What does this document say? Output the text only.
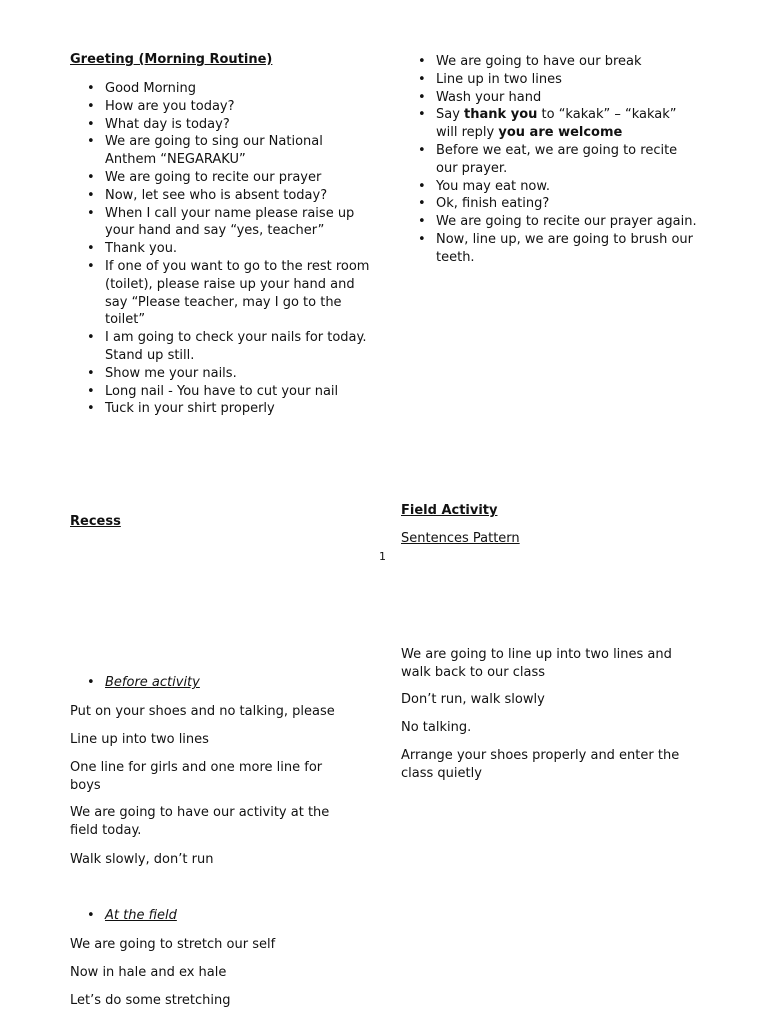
Greeting (Morning Routine)
• Good Morning
• How are you today?
• What day is today?
• We are going to sing our National Anthem “NEGARAKU”
• We are going to recite our prayer
• Now, let see who is absent today?
• When I call your name please raise up your hand and say “yes, teacher”
• Thank you.
• If one of you want to go to the rest room (toilet), please raise up your hand and say “Please teacher, may I go to the toilet”
• I am going to check your nails for today. Stand up still.
• Show me your nails.
• Long nail - You have to cut your nail
• Tuck in your shirt properly
Recess
• Before activity
Put on your shoes and no talking, please
Line up into two lines
One line for girls and one more line for boys
We are going to have our activity at the field today.
Walk slowly, don’t run
• At the field
We are going to stretch our self
Now in hale and ex hale
Let’s do some stretching
• We are going to have our break
• Line up in two lines
• Wash your hand
• Say thank you to “kakak” – “kakak” will reply you are welcome
• Before we eat, we are going to recite our prayer.
• You may eat now.
• Ok, finish eating?
• We are going to recite our prayer again.
• Now, line up, we are going to brush our teeth.
Field Activity
Sentences Pattern
1
We are going to line up into two lines and walk back to our class
Don’t run, walk slowly
No talking.
Arrange your shoes properly and enter the class quietly
